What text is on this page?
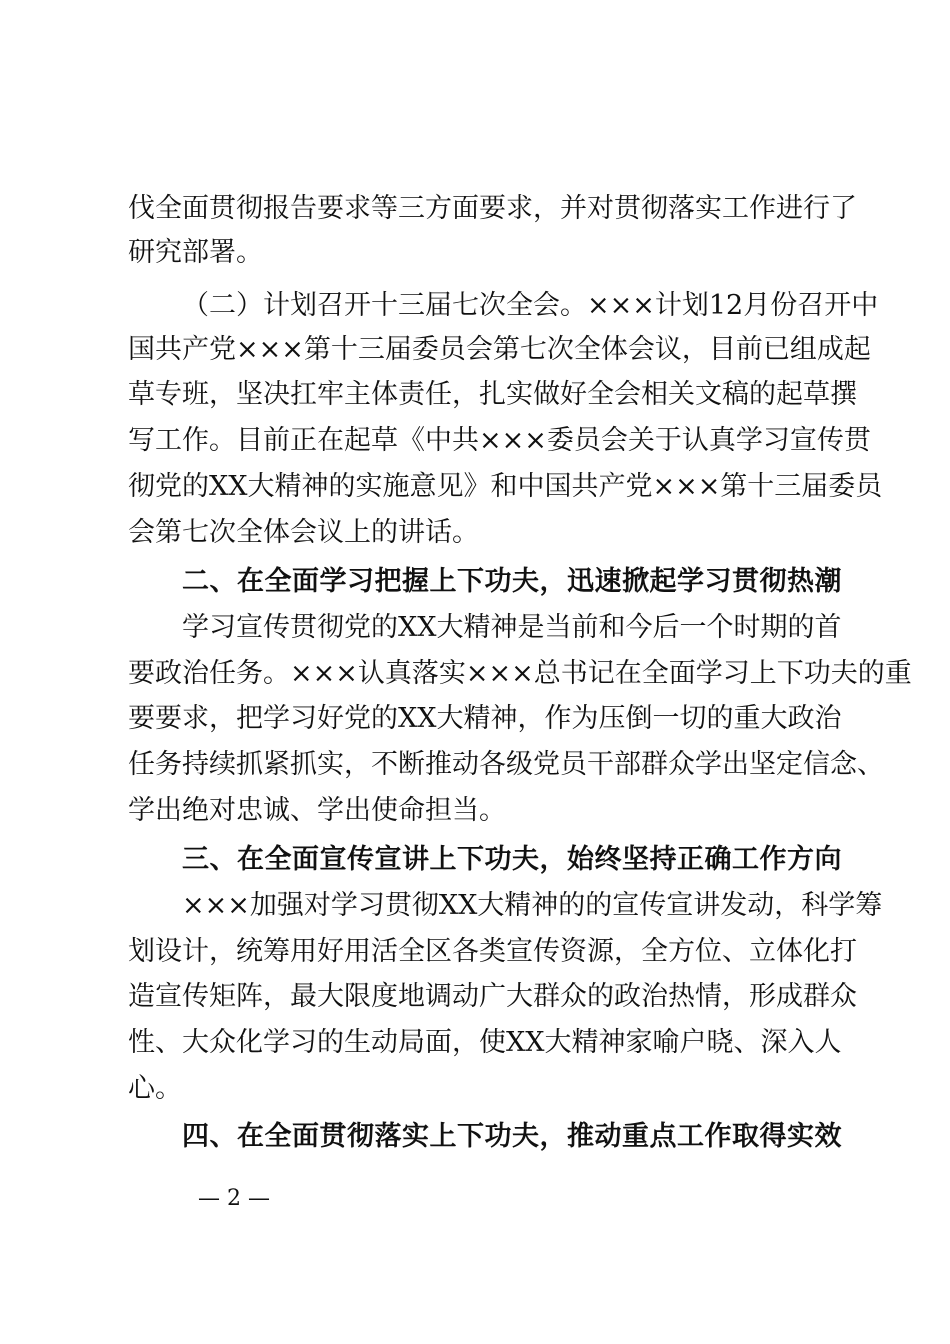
伐全面贯彻报告要求等三方面要求，并对贯彻落实工作进行了
研究部署。
（二）计划召开十三届七次全会。×××计划12月份召开中
国共产党×××第十三届委员会第七次全体会议，目前已组成起
草专班，坚决扛牢主体责任，扎实做好全会相关文稿的起草撰
写工作。目前正在起草《中共×××委员会关于认真学习宣传贯
彻党的XX大精神的实施意见》和中国共产党×××第十三届委员
会第七次全体会议上的讲话。
二、在全面学习把握上下功夫，迅速掀起学习贯彻热潮
学习宣传贯彻党的XX大精神是当前和今后一个时期的首
要政治任务。×××认真落实×××总书记在全面学习上下功夫的重
要要求，把学习好党的XX大精神，作为压倒一切的重大政治
任务持续抓紧抓实，不断推动各级党员干部群众学出坚定信念、
学出绝对忠诚、学出使命担当。
三、在全面宣传宣讲上下功夫，始终坚持正确工作方向
×××加强对学习贯彻XX大精神的的宣传宣讲发动，科学筹
划设计，统筹用好用活全区各类宣传资源，全方位、立体化打
造宣传矩阵，最大限度地调动广大群众的政治热情，形成群众
性、大众化学习的生动局面，使XX大精神家喻户晓、深入人
心。
四、在全面贯彻落实上下功夫，推动重点工作取得实效
— 2 —
